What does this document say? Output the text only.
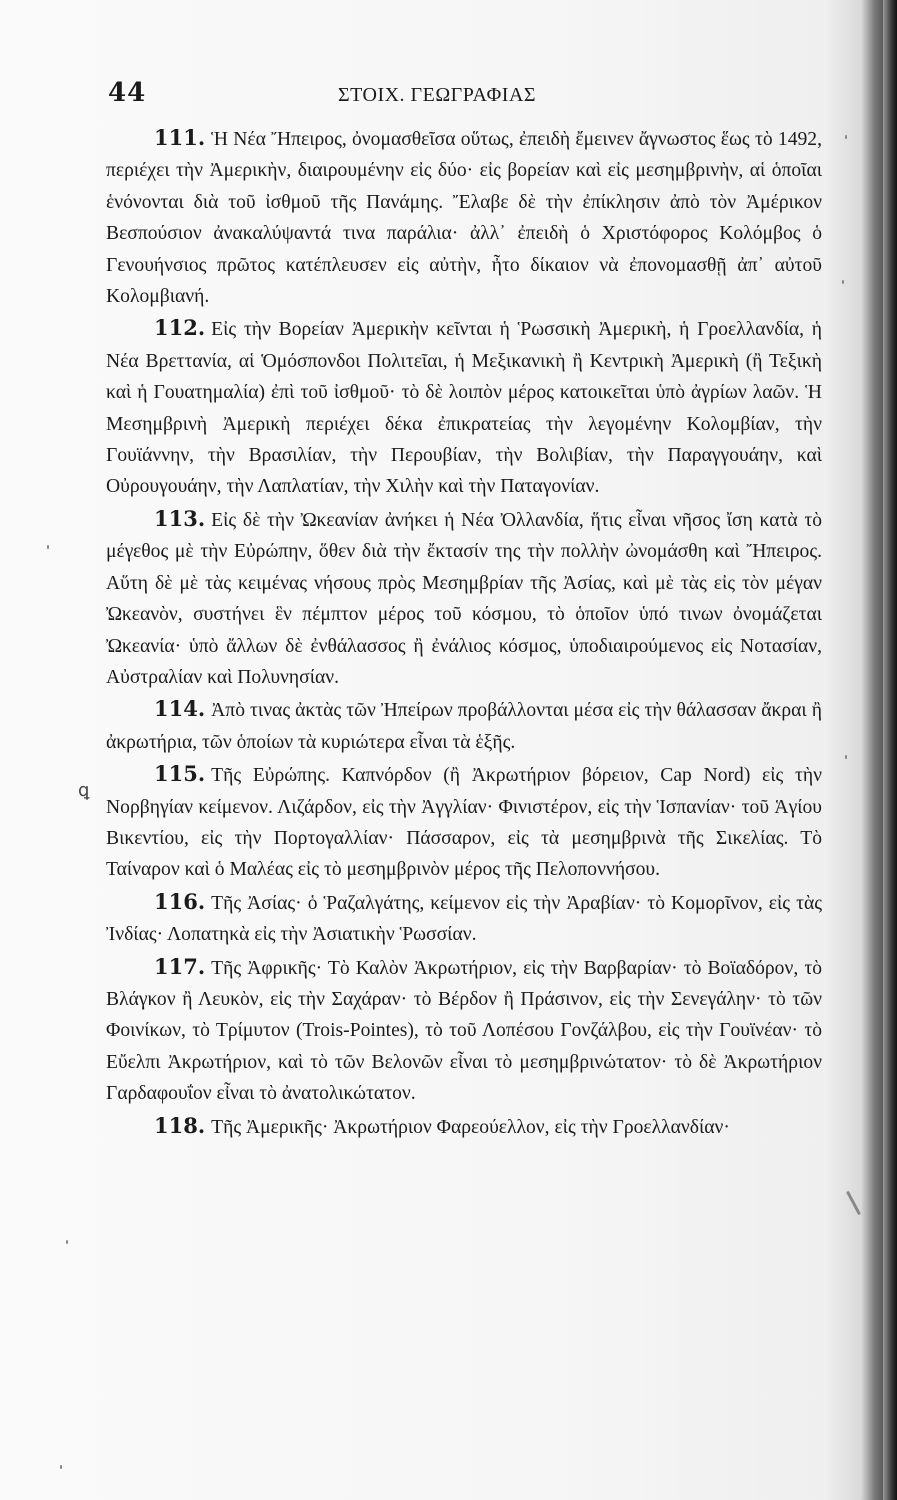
44	ΣΤΟΙΧ. ΓΕΩΓΡΑΦΙΑΣ

111. Ἡ Νέα Ἤπειρος, ὀνομασθεῖσα οὕτως, ἐπειδὴ ἔμεινεν ἄγνωστος ἕως τὸ 1492, περιέχει τὴν Ἀμερικὴν, διαιρουμένην εἰς δύο· εἰς βορείαν καὶ εἰς μεσημβρινὴν, αἱ ὁποῖαι ἑνόνονται διὰ τοῦ ἰσθμοῦ τῆς Πανάμης. Ἔλαβε δὲ τὴν ἐπίκλησιν ἀπὸ τὸν Ἀμέρικον Βεσπούσιον ἀνακαλύψαντά τινα παράλια· ἀλλ᾽ ἐπειδὴ ὁ Χριστόφορος Κολόμβος ὁ Γενουήνσιος πρῶτος κατέπλευσεν εἰς αὐτὴν, ἦτο δίκαιον νὰ ἐπονομασθῇ ἀπ᾽ αὐτοῦ Κολομβιανή.

112. Εἰς τὴν Βορείαν Ἀμερικὴν κεῖνται ἡ Ῥωσσικὴ Ἀμερικὴ, ἡ Γροελλανδία, ἡ Νέα Βρεττανία, αἱ Ὁμόσπονδοι Πολιτεῖαι, ἡ Μεξικανικὴ ἢ Κεντρικὴ Ἀμερικὴ (ἢ Τεξικὴ καὶ ἡ Γουατημαλία) ἐπὶ τοῦ ἰσθμοῦ· τὸ δὲ λοιπὸν μέρος κατοικεῖται ὑπὸ ἀγρίων λαῶν. Ἡ Μεσημβρινὴ Ἀμερικὴ περιέχει δέκα ἐπικρατείας τὴν λεγομένην Κολομβίαν, τὴν Γουϊάννην, τὴν Βρασιλίαν, τὴν Περουβίαν, τὴν Βολιβίαν, τὴν Παραγγουάην, καὶ Οὐρουγουάην, τὴν Λαπλατίαν, τὴν Χιλὴν καὶ τὴν Παταγονίαν.

113. Εἰς δὲ τὴν Ὠκεανίαν ἀνήκει ἡ Νέα Ὀλλανδία, ἥτις εἶναι νῆσος ἴση κατὰ τὸ μέγεθος μὲ τὴν Εὐρώπην, ὅθεν διὰ τὴν ἔκτασίν της τὴν πολλὴν ὠνομάσθη καὶ Ἤπειρος. Αὕτη δὲ μὲ τὰς κειμένας νήσους πρὸς Μεσημβρίαν τῆς Ἀσίας, καὶ μὲ τὰς εἰς τὸν μέγαν Ὠκεανὸν, συστήνει ἓν πέμπτον μέρος τοῦ κόσμου, τὸ ὁποῖον ὑπό τινων ὀνομάζεται Ὠκεανία· ὑπὸ ἄλλων δὲ ἐνθάλασσος ἢ ἐνάλιος κόσμος, ὑποδιαιρούμενος εἰς Νοτασίαν, Αὐστραλίαν καὶ Πολυνησίαν.

114. Ἀπὸ τινας ἀκτὰς τῶν Ἠπείρων προβάλλονται μέσα εἰς τὴν θάλασσαν ἄκραι ἢ ἀκρωτήρια, τῶν ὁποίων τὰ κυριώτερα εἶναι τὰ ἑξῆς.

115. Τῆς Εὐρώπης. Καπνόρδον (ἢ Ἀκρωτήριον βόρειον, Cap Nord) εἰς τὴν Νορβηγίαν κείμενον. Λιζάρδον, εἰς τὴν Ἀγγλίαν· Φινιστέρον, εἰς τὴν Ἱσπανίαν· τοῦ Ἁγίου Βικεντίου, εἰς τὴν Πορτογαλλίαν· Πάσσαρον, εἰς τὰ μεσημβρινὰ τῆς Σικελίας. Τὸ Ταίναρον καὶ ὁ Μαλέας εἰς τὸ μεσημβρινὸν μέρος τῆς Πελοποννήσου.

116. Τῆς Ἀσίας· ὁ Ῥαζαλγάτης, κείμενον εἰς τὴν Ἀραβίαν· τὸ Κομορῖνον, εἰς τὰς Ἰνδίας· Λοπατηκὰ εἰς τὴν Ἀσιατικὴν Ῥωσσίαν.

117. Τῆς Ἀφρικῆς· Τὸ Καλὸν Ἀκρωτήριον, εἰς τὴν Βαρβαρίαν· τὸ Βοϊαδόρον, τὸ Βλάγκον ἢ Λευκὸν, εἰς τὴν Σαχάραν· τὸ Βέρδον ἢ Πράσινον, εἰς τὴν Σενεγάλην· τὸ τῶν Φοινίκων, τὸ Τρίμυτον (Trois-Pointes), τὸ τοῦ Λοπέσου Γονζάλβου, εἰς τὴν Γουϊνέαν· τὸ Εὔελπι Ἀκρωτήριον, καὶ τὸ τῶν Βελονῶν εἶναι τὸ μεσημβρινώτατον· τὸ δὲ Ἀκρωτήριον Γαρδαφουΐον εἶναι τὸ ἀνατολικώτατον.

118. Τῆς Ἀμερικῆς· Ἀκρωτήριον Φαρεούελλον, εἰς τὴν Γροελλανδίαν·

ꝗ
